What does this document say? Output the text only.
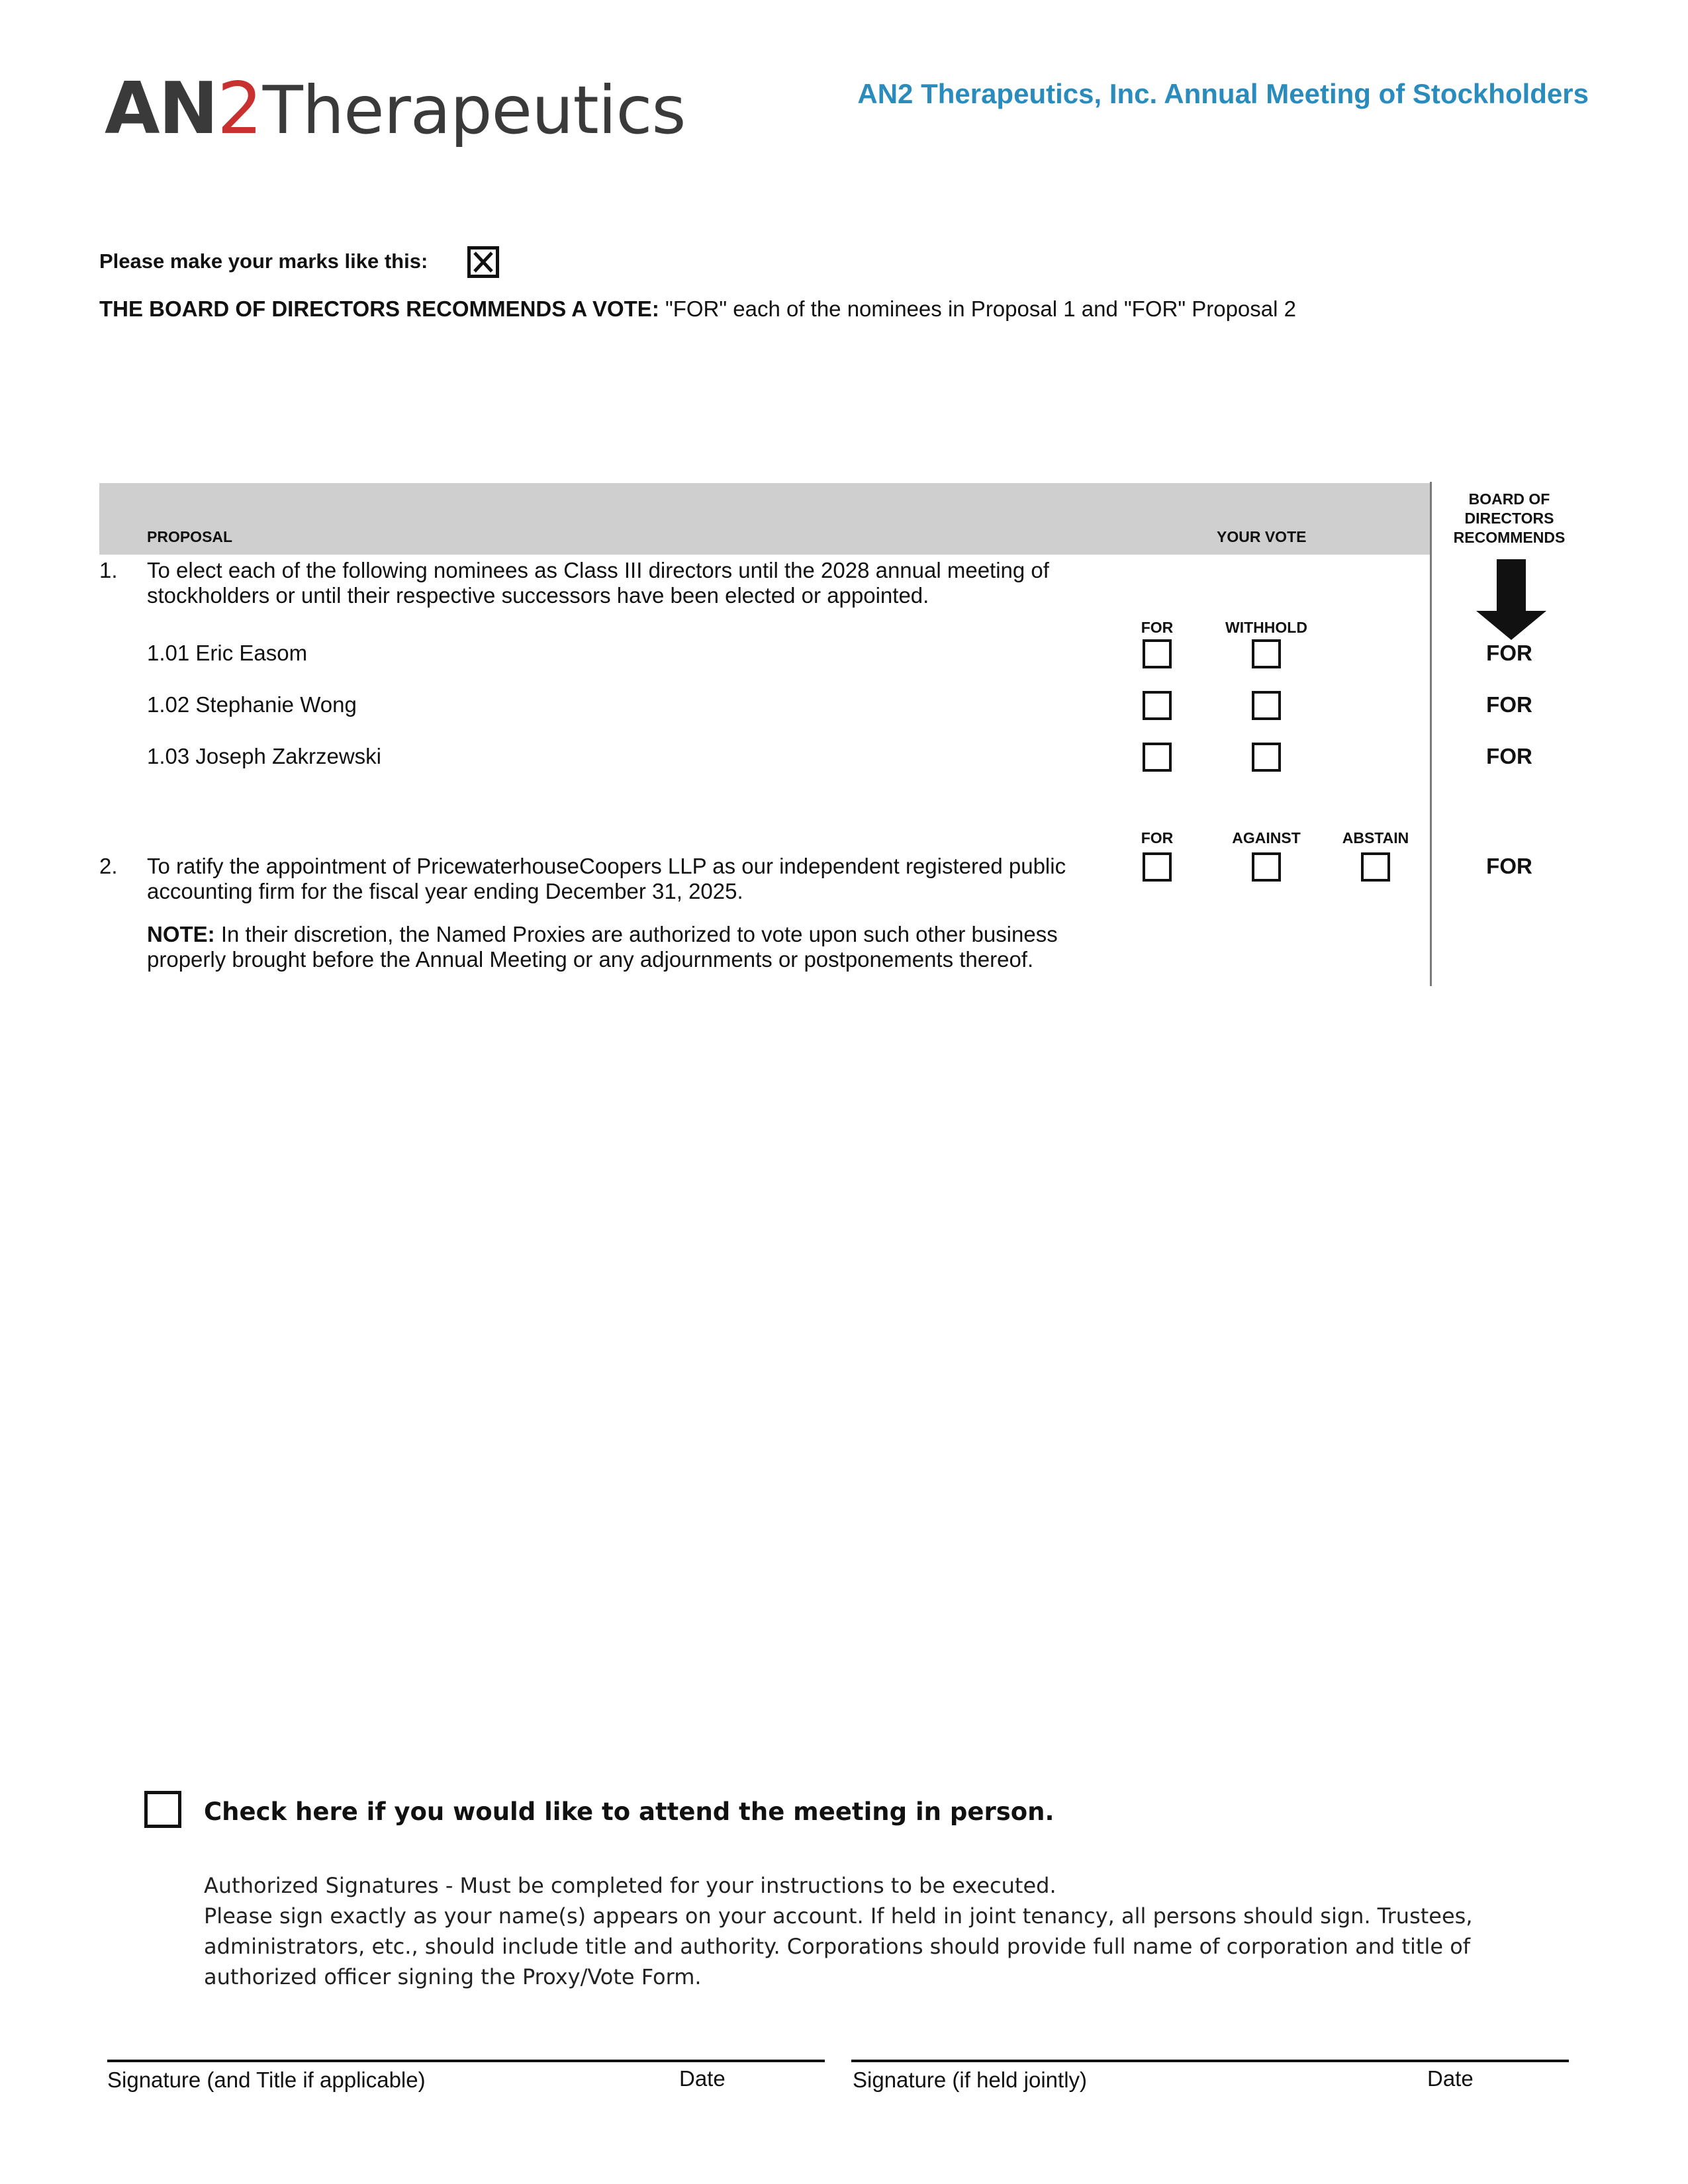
AN2Therapeutics	AN2 Therapeutics, Inc. Annual Meeting of Stockholders
Please make your marks like this:
THE BOARD OF DIRECTORS RECOMMENDS A VOTE: "FOR" each of the nominees in Proposal 1 and "FOR" Proposal 2
PROPOSAL	YOUR VOTE
BOARD OF
DIRECTORS
RECOMMENDS
1. To elect each of the following nominees as Class III directors until the 2028 annual meeting of
stockholders or until their respective successors have been elected or appointed.
FOR	WITHHOLD
1.01 Eric Easom	FOR
1.02 Stephanie Wong	FOR
1.03 Joseph Zakrzewski	FOR
FOR	AGAINST	ABSTAIN
2. To ratify the appointment of PricewaterhouseCoopers LLP as our independent registered public
accounting firm for the fiscal year ending December 31, 2025.
FOR
NOTE: In their discretion, the Named Proxies are authorized to vote upon such other business
properly brought before the Annual Meeting or any adjournments or postponements thereof.
Check here if you would like to attend the meeting in person.
Authorized Signatures - Must be completed for your instructions to be executed.
Please sign exactly as your name(s) appears on your account. If held in joint tenancy, all persons should sign. Trustees,
administrators, etc., should include title and authority. Corporations should provide full name of corporation and title of
authorized officer signing the Proxy/Vote Form.
Signature (and Title if applicable)	Date	Signature (if held jointly)	Date
